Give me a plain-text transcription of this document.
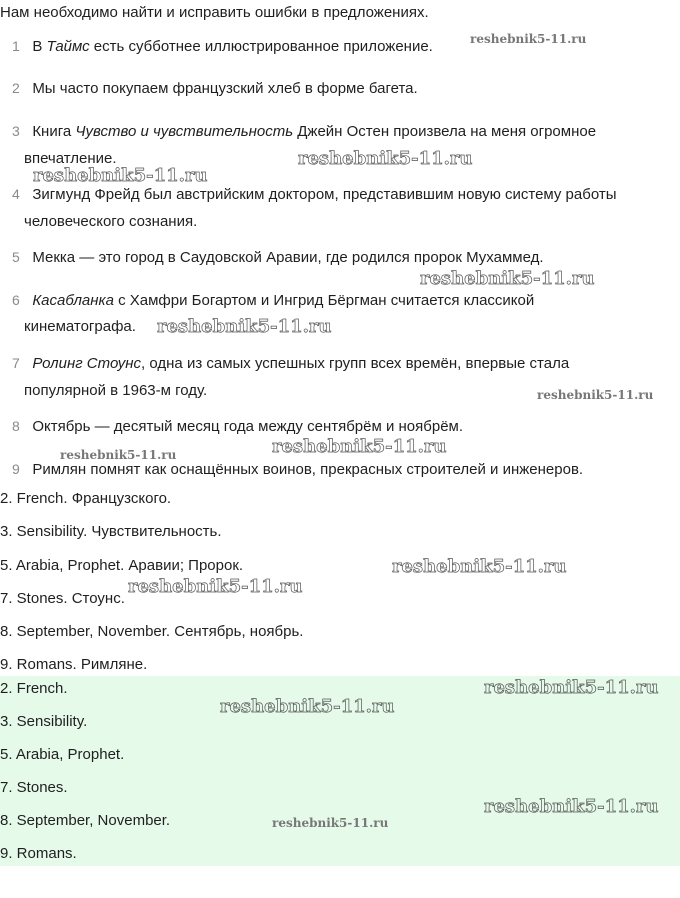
Нам необходимо найти и исправить ошибки в предложениях.
1 В Таймс есть субботнее иллюстрированное приложение.
2 Мы часто покупаем французский хлеб в форме багета.
3 Книга Чувство и чувствительность Джейн Остен произвела на меня огромное
впечатление.
4 Зигмунд Фрейд был австрийским доктором, представившим новую систему работы
человеческого сознания.
5 Мекка — это город в Саудовской Аравии, где родился пророк Мухаммед.
6 Касабланка с Хамфри Богартом и Ингрид Бёргман считается классикой
кинематографа.
7 Ролинг Стоунс, одна из самых успешных групп всех времён, впервые стала
популярной в 1963-м году.
8 Октябрь — десятый месяц года между сентябрём и ноябрём.
9 Римлян помнят как оснащённых воинов, прекрасных строителей и инженеров.
2. French. Французского.
3. Sensibility. Чувствительность.
5. Arabia, Prophet. Аравии; Пророк.
7. Stones. Стоунс.
8. September, November. Сентябрь, ноябрь.
9. Romans. Римляне.
2. French.
3. Sensibility.
5. Arabia, Prophet.
7. Stones.
8. September, November.
9. Romans.
reshebnik5-11.ru
reshebnik5-11.ru
reshebnik5-11.ru
reshebnik5-11.ru
reshebnik5-11.ru
reshebnik5-11.ru
reshebnik5-11.ru
reshebnik5-11.ru
reshebnik5-11.ru
reshebnik5-11.ru
reshebnik5-11.ru
reshebnik5-11.ru
reshebnik5-11.ru
reshebnik5-11.ru
